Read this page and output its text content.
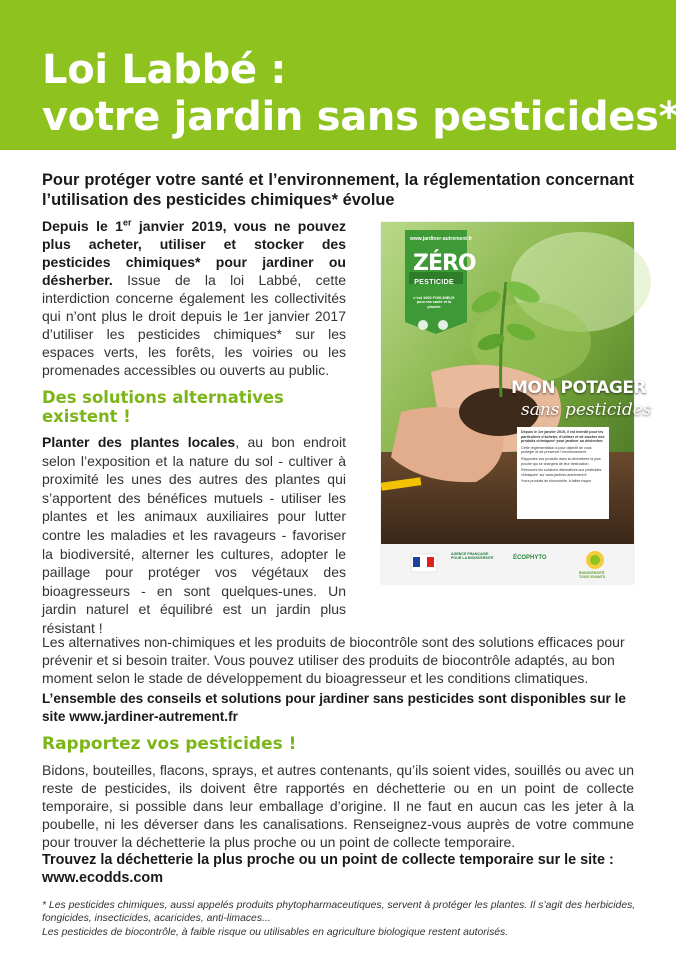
Loi Labbé :
votre jardin sans pesticides*
Pour protéger votre santé et l’environnement, la réglementation concernant l’utilisation des pesticides chimiques* évolue
Depuis le 1er janvier 2019, vous ne pouvez plus acheter, utiliser et stocker des pesticides chimiques* pour jardiner ou désherber. Issue de la loi Labbé, cette interdiction concerne également les collectivités qui n’ont plus le droit depuis le 1er janvier 2017 d’utiliser les pesticides chimiques* sur les espaces verts, les forêts, les voiries ou les promenades accessibles ou ouverts au public.
Des solutions alternatives existent !
Planter des plantes locales, au bon endroit selon l’exposition et la nature du sol - cultiver à proximité les unes des autres des plantes qui s’apportent des bénéfices mutuels - utiliser les plantes et les animaux auxiliaires pour lutter contre les maladies et les ravageurs - favoriser la biodiversité, alterner les cultures, adopter le paillage pour protéger vos végétaux des bioagresseurs - en sont quelques-unes. Un jardin naturel et équilibré est un jardin plus résistant !
Les alternatives non-chimiques et les produits de biocontrôle sont des solutions efficaces pour prévenir et si besoin traiter. Vous pouvez utiliser des produits de biocontrôle adaptés, au bon moment selon le stade de développement du bioagresseur et les conditions climatiques.
L’ensemble des conseils et solutions pour jardiner sans pesticides sont disponibles sur le site www.jardiner-autrement.fr
Rapportez vos pesticides !
Bidons, bouteilles, flacons, sprays, et autres contenants, qu’ils soient vides, souillés ou avec un reste de pesticides, ils doivent être rapportés en déchetterie ou en un point de collecte temporaire, si possible dans leur emballage d’origine. Il ne faut en aucun cas les jeter à la poubelle, ni les déverser dans les canalisations. Renseignez-vous auprès de votre commune pour trouver la déchetterie la plus proche ou un point de collecte temporaire.
Trouvez la déchetterie la plus proche ou un point de collecte temporaire sur le site : www.ecodds.com
* Les pesticides chimiques, aussi appelés produits phytopharmaceutiques, servent à protéger les plantes. Il s’agit des herbicides, fongicides, insecticides, acaricides, anti-limaces...
Les pesticides de biocontrôle, à faible risque ou utilisables en agriculture biologique restent autorisés.
www.jardiner-autrement.fr
ZÉRO
PESTICIDE
c’est 1000 FOIS MIEUX pour ma santé et la planète
MON POTAGER
sans pesticides

Depuis le 1er janvier 2019, il est interdit pour les particuliers d’acheter, d’utiliser et de stocker des produits chimiques* pour jardiner ou désherber.

Cette réglementation a pour objectif de vous protéger et de préserver l’environnement.

Rapportez vos produits dans la déchetterie la plus proche qui se chargera de leur destruction.

Retrouvez les solutions alternatives aux pesticides chimiques* sur www.jardiner-autrement.fr

*hors produits de biocontrôle, à faible risque

AGENCE FRANÇAISE POUR LA BIODIVERSITÉ	ÉCOPHYTO
BIODIVERSITÉ TOUS VIVANTS
